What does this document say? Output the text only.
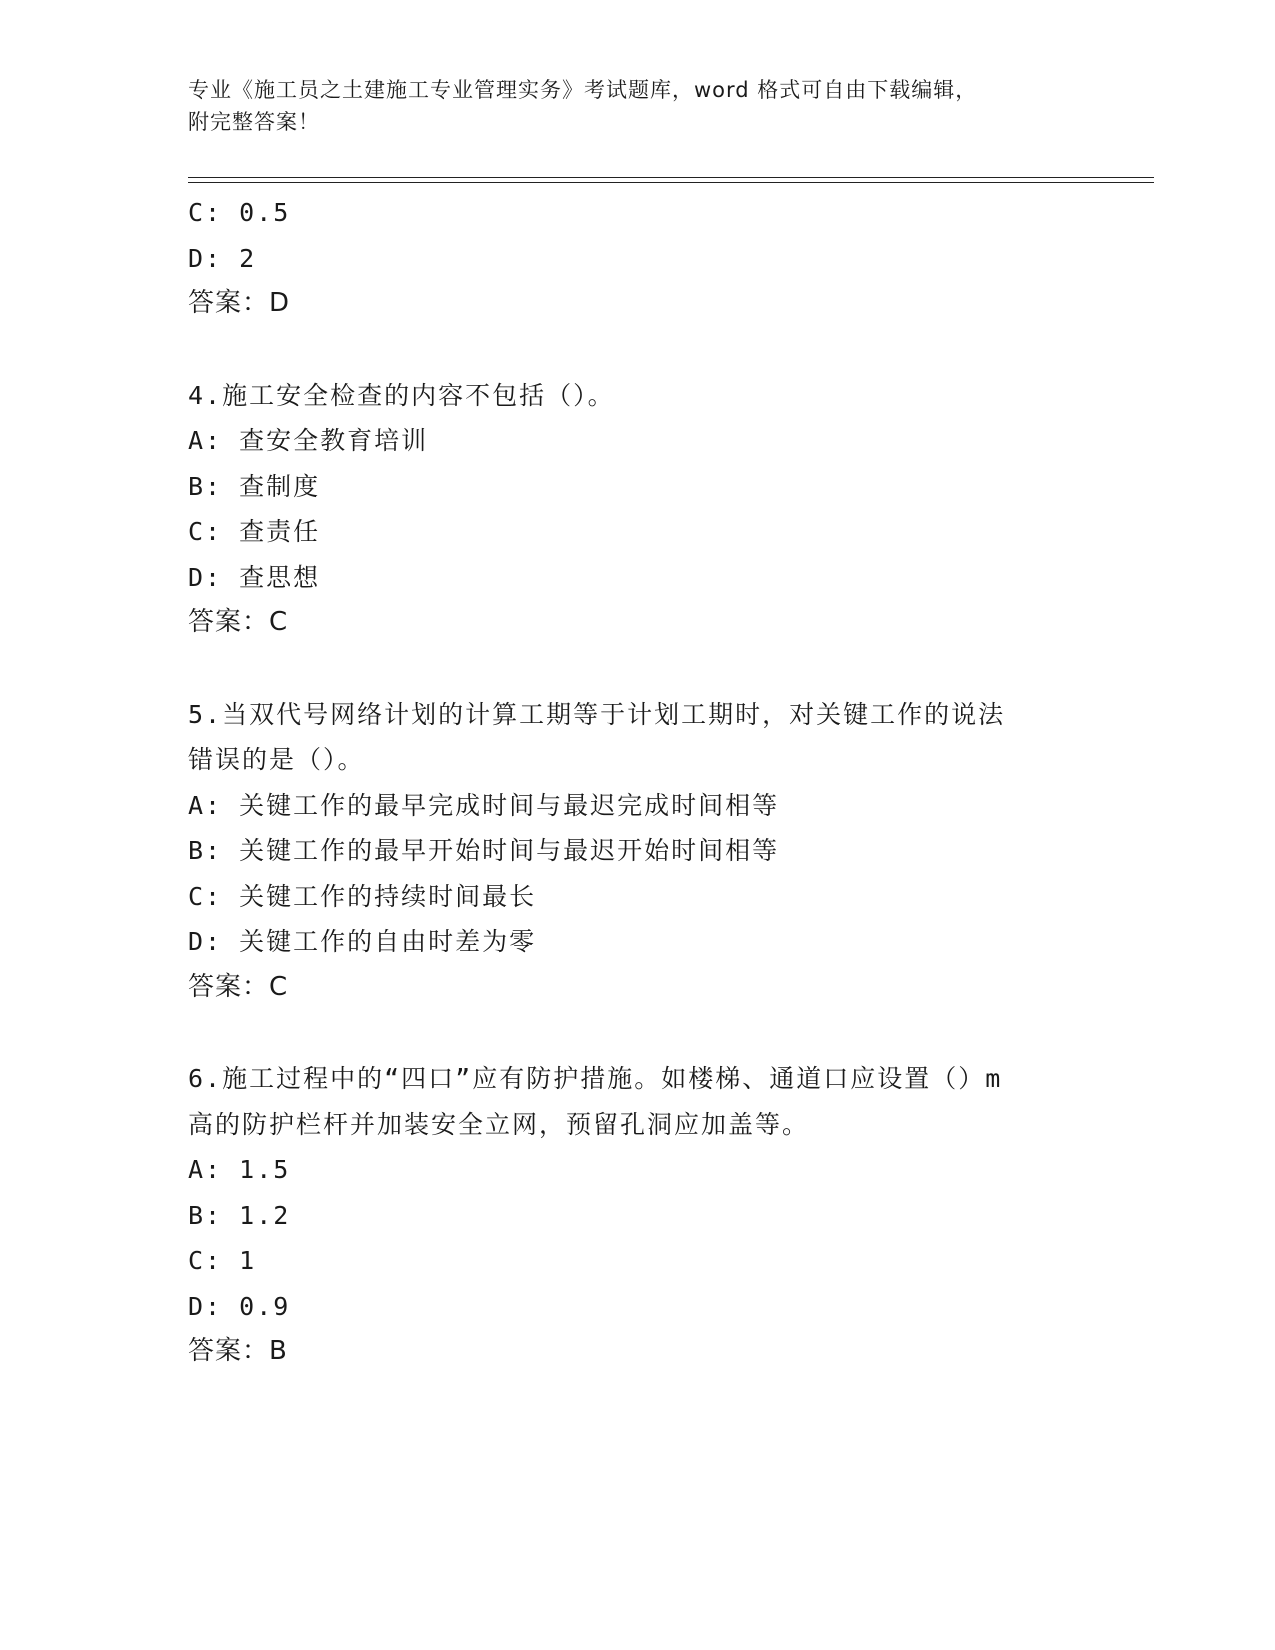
专业《施工员之土建施工专业管理实务》考试题库，word 格式可自由下载编辑，
附完整答案！
C: 0.5
D: 2
答案：D
4.施工安全检查的内容不包括（）。
A: 查安全教育培训
B: 查制度
C: 查责任
D: 查思想
答案：C
5.当双代号网络计划的计算工期等于计划工期时，对关键工作的说法
错误的是（）。
A: 关键工作的最早完成时间与最迟完成时间相等
B: 关键工作的最早开始时间与最迟开始时间相等
C: 关键工作的持续时间最长
D: 关键工作的自由时差为零
答案：C
6.施工过程中的“四口”应有防护措施。如楼梯、通道口应设置（）m
高的防护栏杆并加装安全立网，预留孔洞应加盖等。
A: 1.5
B: 1.2
C: 1
D: 0.9
答案：B
